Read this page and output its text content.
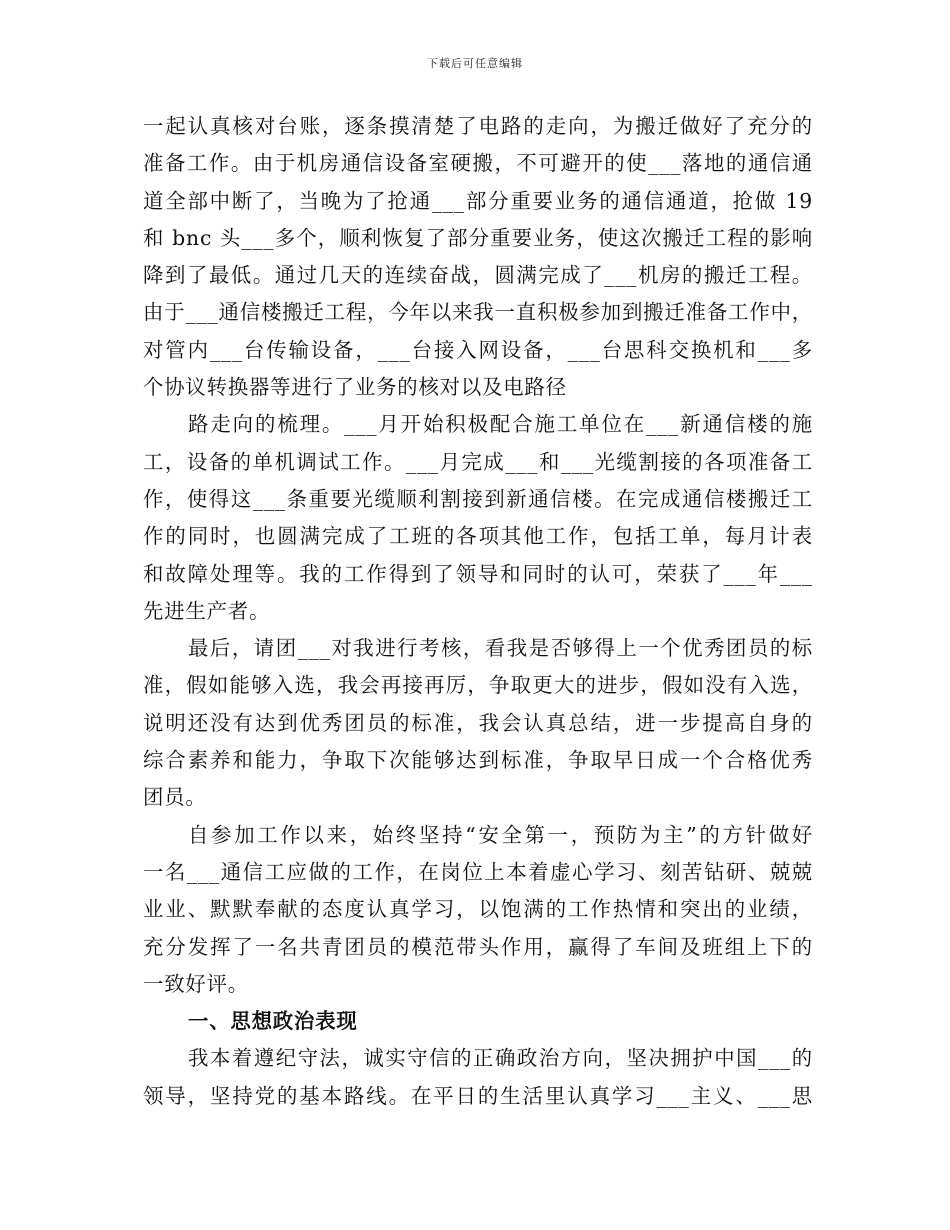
下载后可任意编辑
一起认真核对台账，逐条摸清楚了电路的走向，为搬迁做好了充分的
准备工作。由于机房通信设备室硬搬，不可避开的使___落地的通信通
道全部中断了，当晚为了抢通___部分重要业务的通信通道，抢做 19
和 bnc 头___多个，顺利恢复了部分重要业务，使这次搬迁工程的影响
降到了最低。通过几天的连续奋战，圆满完成了___机房的搬迁工程。
由于___通信楼搬迁工程，今年以来我一直积极参加到搬迁准备工作中，
对管内___台传输设备，___台接入网设备，___台思科交换机和___多
个协议转换器等进行了业务的核对以及电路径
路走向的梳理。___月开始积极配合施工单位在___新通信楼的施
工，设备的单机调试工作。___月完成___和___光缆割接的各项准备工
作，使得这___条重要光缆顺利割接到新通信楼。在完成通信楼搬迁工
作的同时，也圆满完成了工班的各项其他工作，包括工单，每月计表
和故障处理等。我的工作得到了领导和同时的认可，荣获了___年___
先进生产者。
最后，请团___对我进行考核，看我是否够得上一个优秀团员的标
准，假如能够入选，我会再接再厉，争取更大的进步，假如没有入选，
说明还没有达到优秀团员的标准，我会认真总结，进一步提高自身的
综合素养和能力，争取下次能够达到标准，争取早日成一个合格优秀
团员。
自参加工作以来，始终坚持“安全第一，预防为主”的方针做好
一名___通信工应做的工作，在岗位上本着虚心学习、刻苦钻研、兢兢
业业、默默奉献的态度认真学习，以饱满的工作热情和突出的业绩，
充分发挥了一名共青团员的模范带头作用，赢得了车间及班组上下的
一致好评。
一、思想政治表现
我本着遵纪守法，诚实守信的正确政治方向，坚决拥护中国___的
领导，坚持党的基本路线。在平日的生活里认真学习___主义、___思
